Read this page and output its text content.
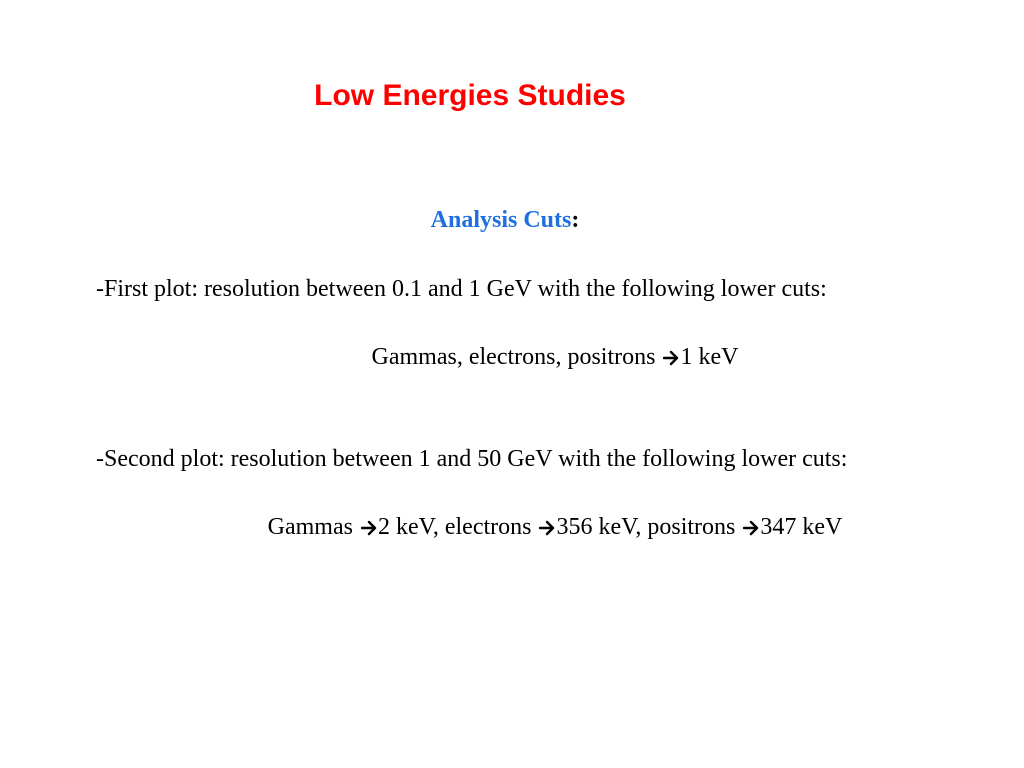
Low Energies Studies
Analysis Cuts:
-First plot: resolution between 0.1 and 1 GeV with the following lower cuts:
Gammas, electrons, positrons 1 keV
-Second plot: resolution between 1 and 50 GeV with the following lower cuts:
Gammas 2 keV, electrons 356 keV, positrons 347 keV
